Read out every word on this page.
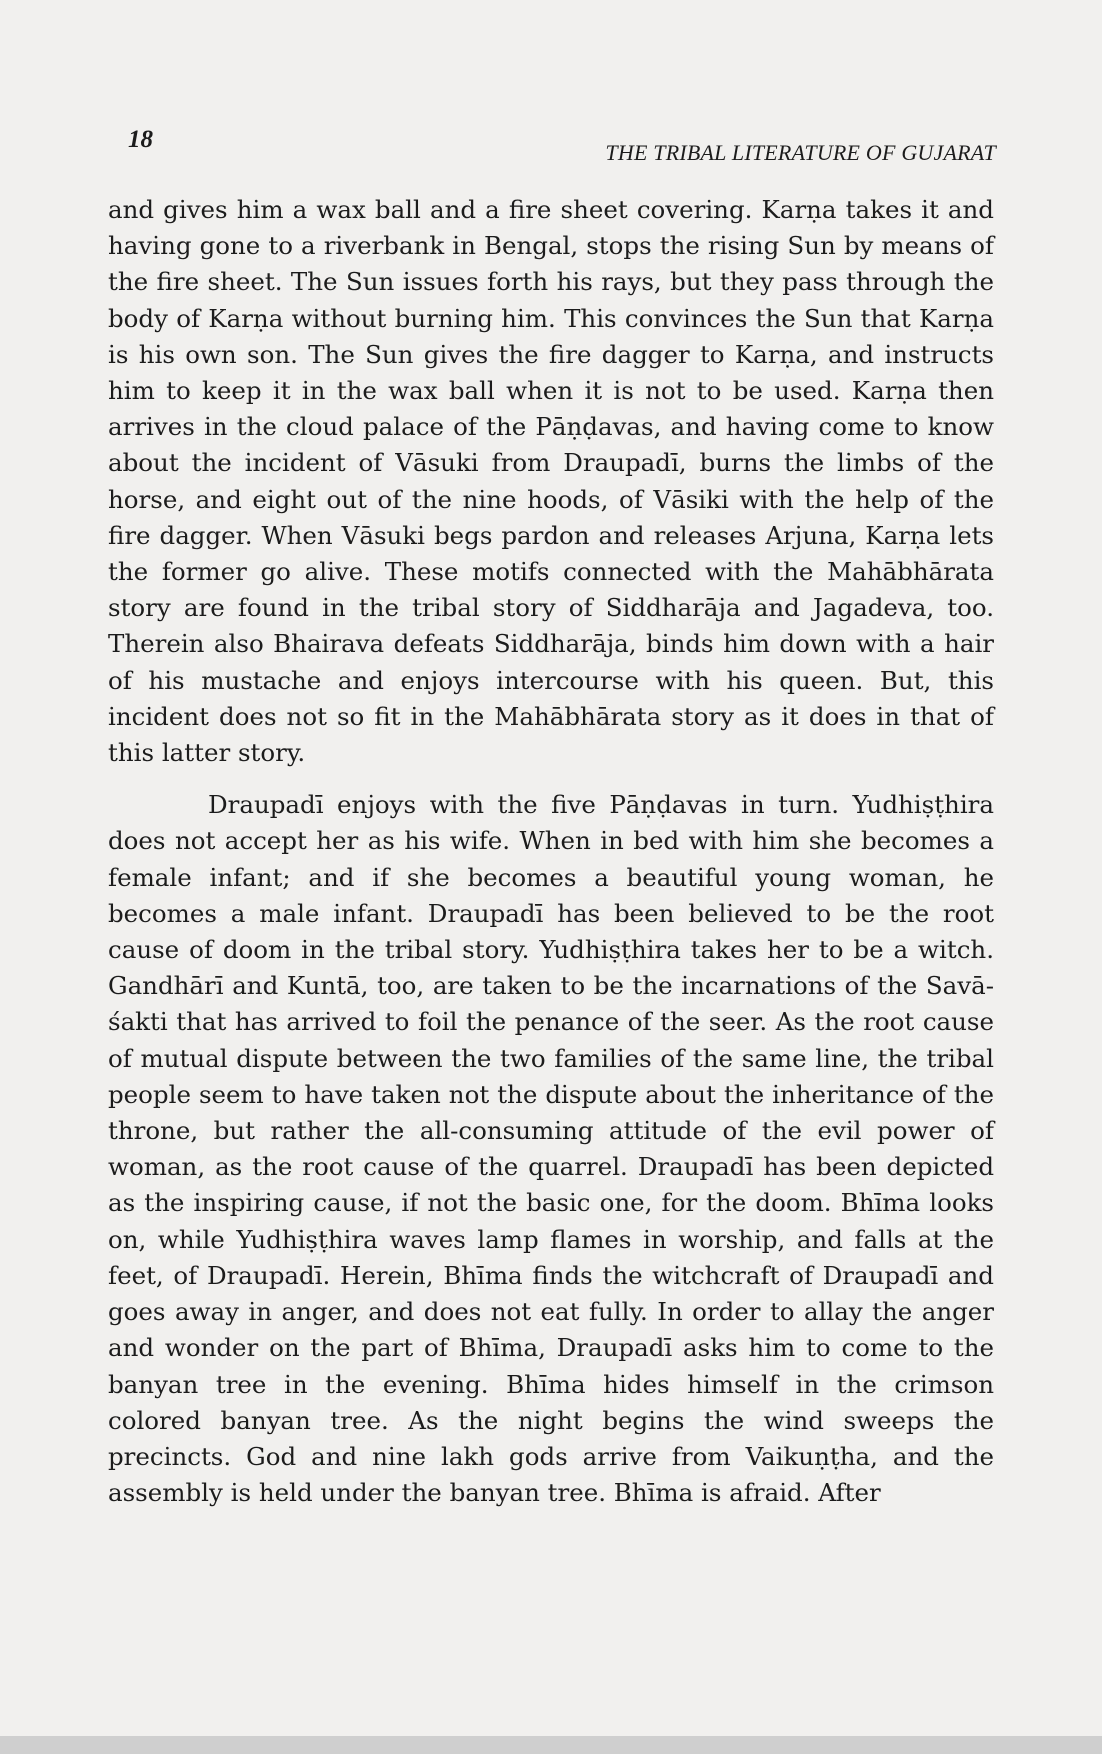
18	THE TRIBAL LITERATURE OF GUJARAT

and gives him a wax ball and a fire sheet covering. Karṇa takes it and having gone to a riverbank in Bengal, stops the rising Sun by means of the fire sheet. The Sun issues forth his rays, but they pass through the body of Karṇa without burning him. This convinces the Sun that Karṇa is his own son. The Sun gives the fire dagger to Karṇa, and instructs him to keep it in the wax ball when it is not to be used. Karṇa then arrives in the cloud palace of the Pāṇḍavas, and having come to know about the incident of Vāsuki from Draupadī, burns the limbs of the horse, and eight out of the nine hoods, of Vāsiki with the help of the fire dagger. When Vāsuki begs pardon and releases Arjuna, Karṇa lets the former go alive. These motifs connected with the Mahābhārata story are found in the tribal story of Siddharāja and Jagadeva, too. Therein also Bhairava defeats Siddharāja, binds him down with a hair of his mustache and enjoys intercourse with his queen. But, this incident does not so fit in the Mahābhārata story as it does in that of this latter story.

Draupadī enjoys with the five Pāṇḍavas in turn. Yudhiṣṭhira does not accept her as his wife. When in bed with him she becomes a female infant; and if she becomes a beautiful young woman, he becomes a male infant. Draupadī has been believed to be the root cause of doom in the tribal story. Yudhiṣṭhira takes her to be a witch. Gandhārī and Kuntā, too, are taken to be the incarnations of the Savā-śakti that has arrived to foil the penance of the seer. As the root cause of mutual dispute between the two families of the same line, the tribal people seem to have taken not the dispute about the inheritance of the throne, but rather the all-consuming attitude of the evil power of woman, as the root cause of the quarrel. Draupadī has been depicted as the inspiring cause, if not the basic one, for the doom. Bhīma looks on, while Yudhiṣṭhira waves lamp flames in worship, and falls at the feet, of Draupadī. Herein, Bhīma finds the witchcraft of Draupadī and goes away in anger, and does not eat fully. In order to allay the anger and wonder on the part of Bhīma, Draupadī asks him to come to the banyan tree in the evening. Bhīma hides himself in the crimson colored banyan tree. As the night begins the wind sweeps the precincts. God and nine lakh gods arrive from Vaikuṇṭha, and the assembly is held under the banyan tree. Bhīma is afraid. After
